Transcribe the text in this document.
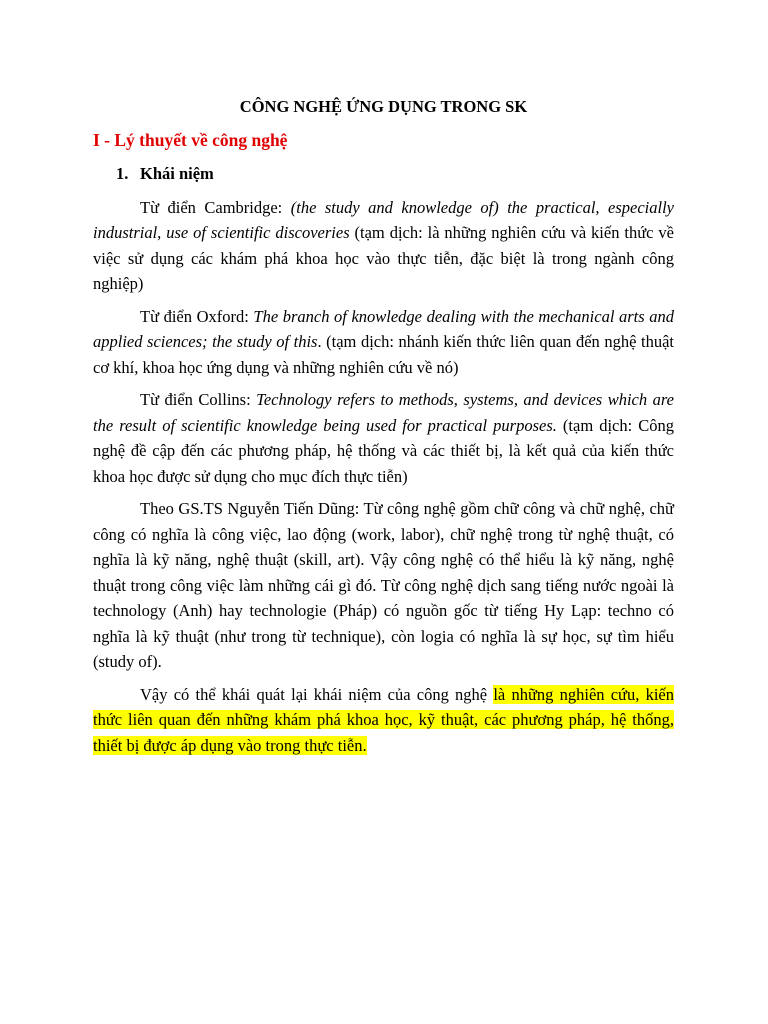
CÔNG NGHỆ ỨNG DỤNG TRONG SK
I - Lý thuyết về công nghệ
1. Khái niệm

Từ điển Cambridge: (the study and knowledge of) the practical, especially industrial, use of scientific discoveries (tạm dịch: là những nghiên cứu và kiến thức về việc sử dụng các khám phá khoa học vào thực tiễn, đặc biệt là trong ngành công nghiệp)

Từ điển Oxford: The branch of knowledge dealing with the mechanical arts and applied sciences; the study of this. (tạm dịch: nhánh kiến thức liên quan đến nghệ thuật cơ khí, khoa học ứng dụng và những nghiên cứu về nó)

Từ điển Collins: Technology refers to methods, systems, and devices which are the result of scientific knowledge being used for practical purposes. (tạm dịch: Công nghệ đề cập đến các phương pháp, hệ thống và các thiết bị, là kết quả của kiến thức khoa học được sử dụng cho mục đích thực tiễn)

Theo GS.TS Nguyễn Tiến Dũng: Từ công nghệ gồm chữ công và chữ nghệ, chữ công có nghĩa là công việc, lao động (work, labor), chữ nghệ trong từ nghệ thuật, có nghĩa là kỹ năng, nghệ thuật (skill, art). Vậy công nghệ có thể hiểu là kỹ năng, nghệ thuật trong công việc làm những cái gì đó. Từ công nghệ dịch sang tiếng nước ngoài là technology (Anh) hay technologie (Pháp) có nguồn gốc từ tiếng Hy Lạp: techno có nghĩa là kỹ thuật (như trong từ technique), còn logia có nghĩa là sự học, sự tìm hiểu (study of).

Vậy có thể khái quát lại khái niệm của công nghệ là những nghiên cứu, kiến thức liên quan đến những khám phá khoa học, kỹ thuật, các phương pháp, hệ thống, thiết bị được áp dụng vào trong thực tiễn.
